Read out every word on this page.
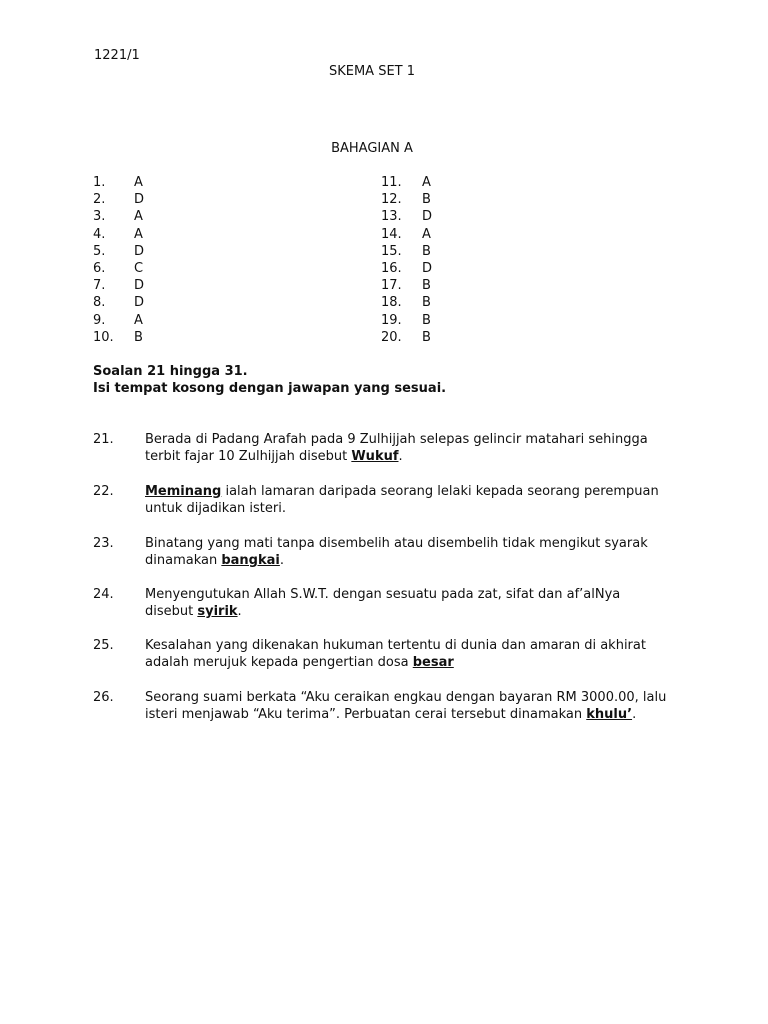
1221/1
SKEMA SET 1
BAHAGIAN A
1.	A
2.	D
3.	A
4.	A
5.	D
6.	C
7.	D
8.	D
9.	A
10.	B
11.	A
12.	B
13.	D
14.	A
15.	B
16.	D
17.	B
18.	B
19.	B
20.	B
Soalan 21 hingga 31.
Isi tempat kosong dengan jawapan yang sesuai.
21.	Berada di Padang Arafah pada 9 Zulhijjah selepas gelincir matahari sehingga
terbit fajar 10 Zulhijjah disebut Wukuf.
22.	Meminang ialah lamaran daripada seorang lelaki kepada seorang perempuan
untuk dijadikan isteri.
23.	Binatang yang mati tanpa disembelih atau disembelih tidak mengikut syarak
dinamakan bangkai.
24.	Menyengutukan Allah S.W.T. dengan sesuatu pada zat, sifat dan af’alNya
disebut syirik.
25.	Kesalahan yang dikenakan hukuman tertentu di dunia dan amaran di akhirat
adalah merujuk kepada pengertian dosa besar
26.	Seorang suami berkata “Aku ceraikan engkau dengan bayaran RM 3000.00, lalu
isteri menjawab “Aku terima”. Perbuatan cerai tersebut dinamakan khulu’.
